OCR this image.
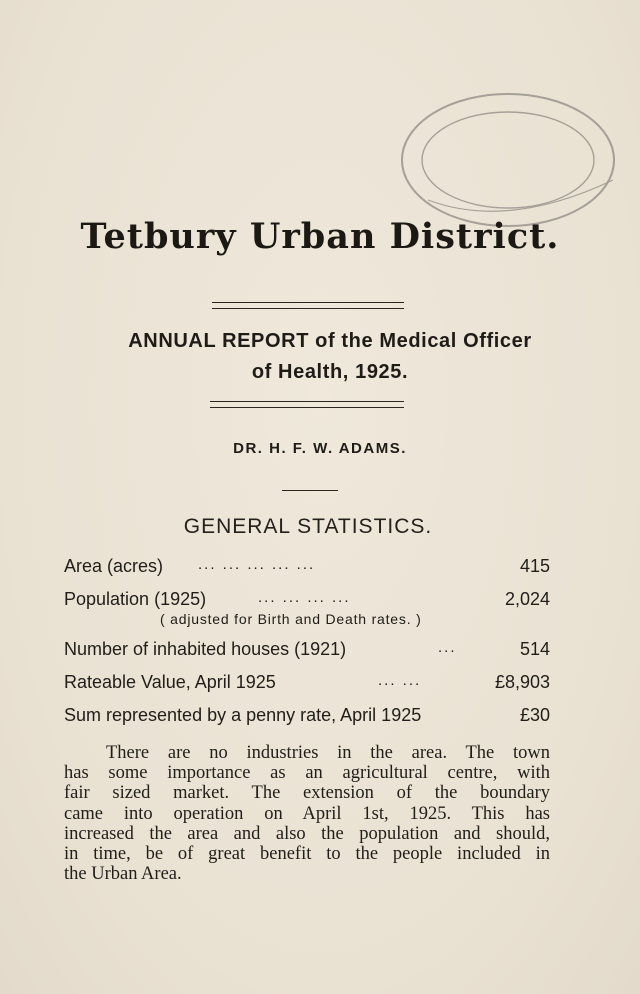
Tetbury Urban District.
ANNUAL REPORT of the Medical Officer
of Health, 1925.
DR. H. F. W. ADAMS.
GENERAL STATISTICS.
Area (acres) ... ... ... ... ...	415
Population (1925)	... ... ... ...	2,024
( adjusted for Birth and Death rates. )
Number of inhabited houses (1921)	...	514
Rateable Value, April 1925	... ...	£8,903
Sum represented by a penny rate, April 1925	£30
There are no industries in the area. The town
has some importance as an agricultural centre, with
fair sized market. The extension of the boundary
came into operation on April 1st, 1925. This has
increased the area and also the population and should,
in time, be of great benefit to the people included in
the Urban Area.
